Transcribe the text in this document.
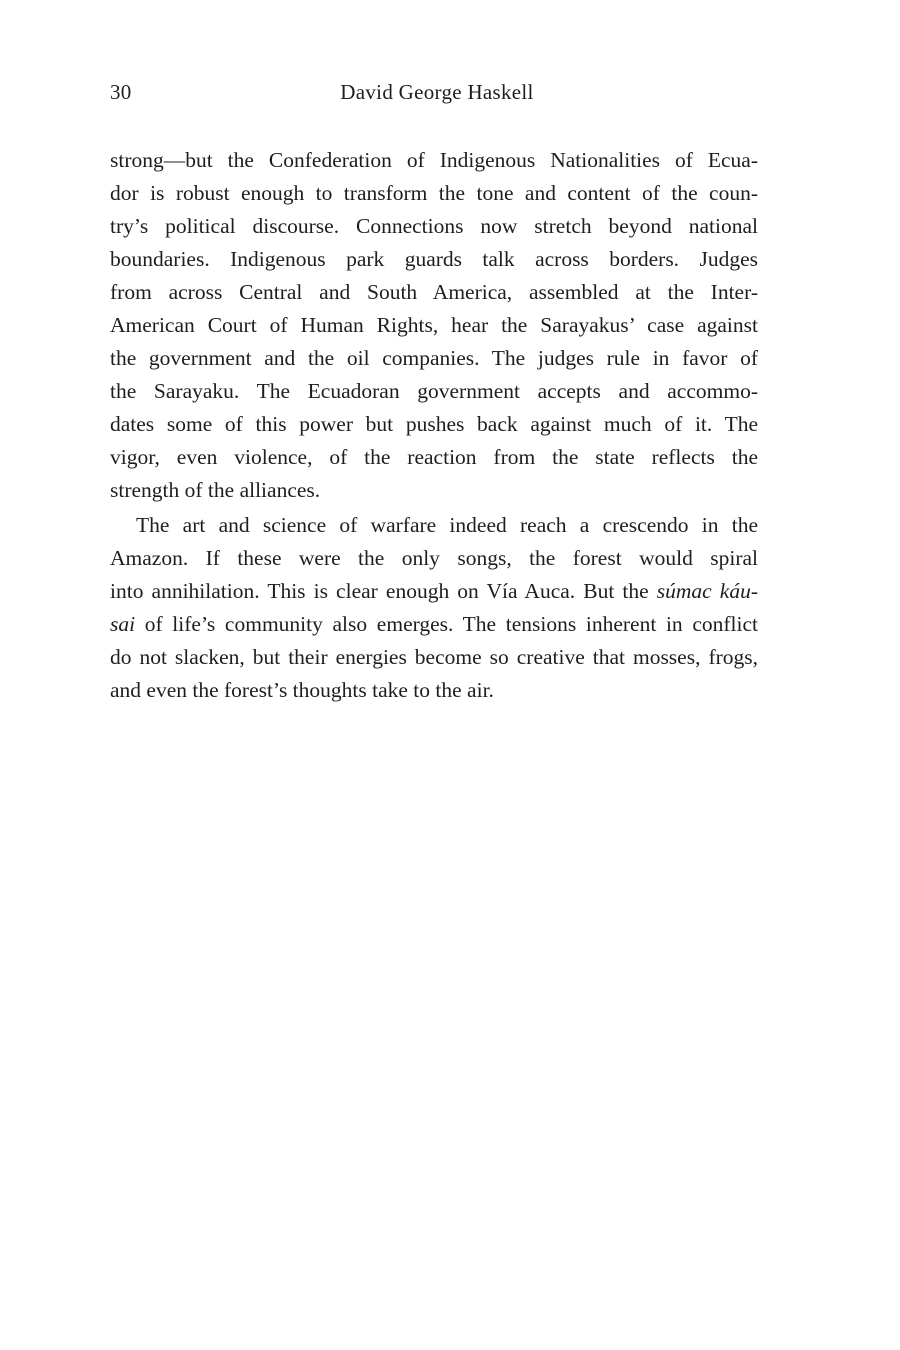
30	David George Haskell
strong—but the Confederation of Indigenous Nationalities of Ecua-
dor is robust enough to transform the tone and content of the coun-
try’s political discourse. Connections now stretch beyond national
boundaries. Indigenous park guards talk across borders. Judges
from across Central and South America, assembled at the Inter-
American Court of Human Rights, hear the Sarayakus’ case against
the government and the oil companies. The judges rule in favor of
the Sarayaku. The Ecuadoran government accepts and accommo-
dates some of this power but pushes back against much of it. The
vigor, even violence, of the reaction from the state reflects the
strength of the alliances.
The art and science of warfare indeed reach a crescendo in the
Amazon. If these were the only songs, the forest would spiral
into annihilation. This is clear enough on Vía Auca. But the súmac káu-
sai of life’s community also emerges. The tensions inherent in conflict
do not slacken, but their energies become so creative that mosses, frogs,
and even the forest’s thoughts take to the air.
